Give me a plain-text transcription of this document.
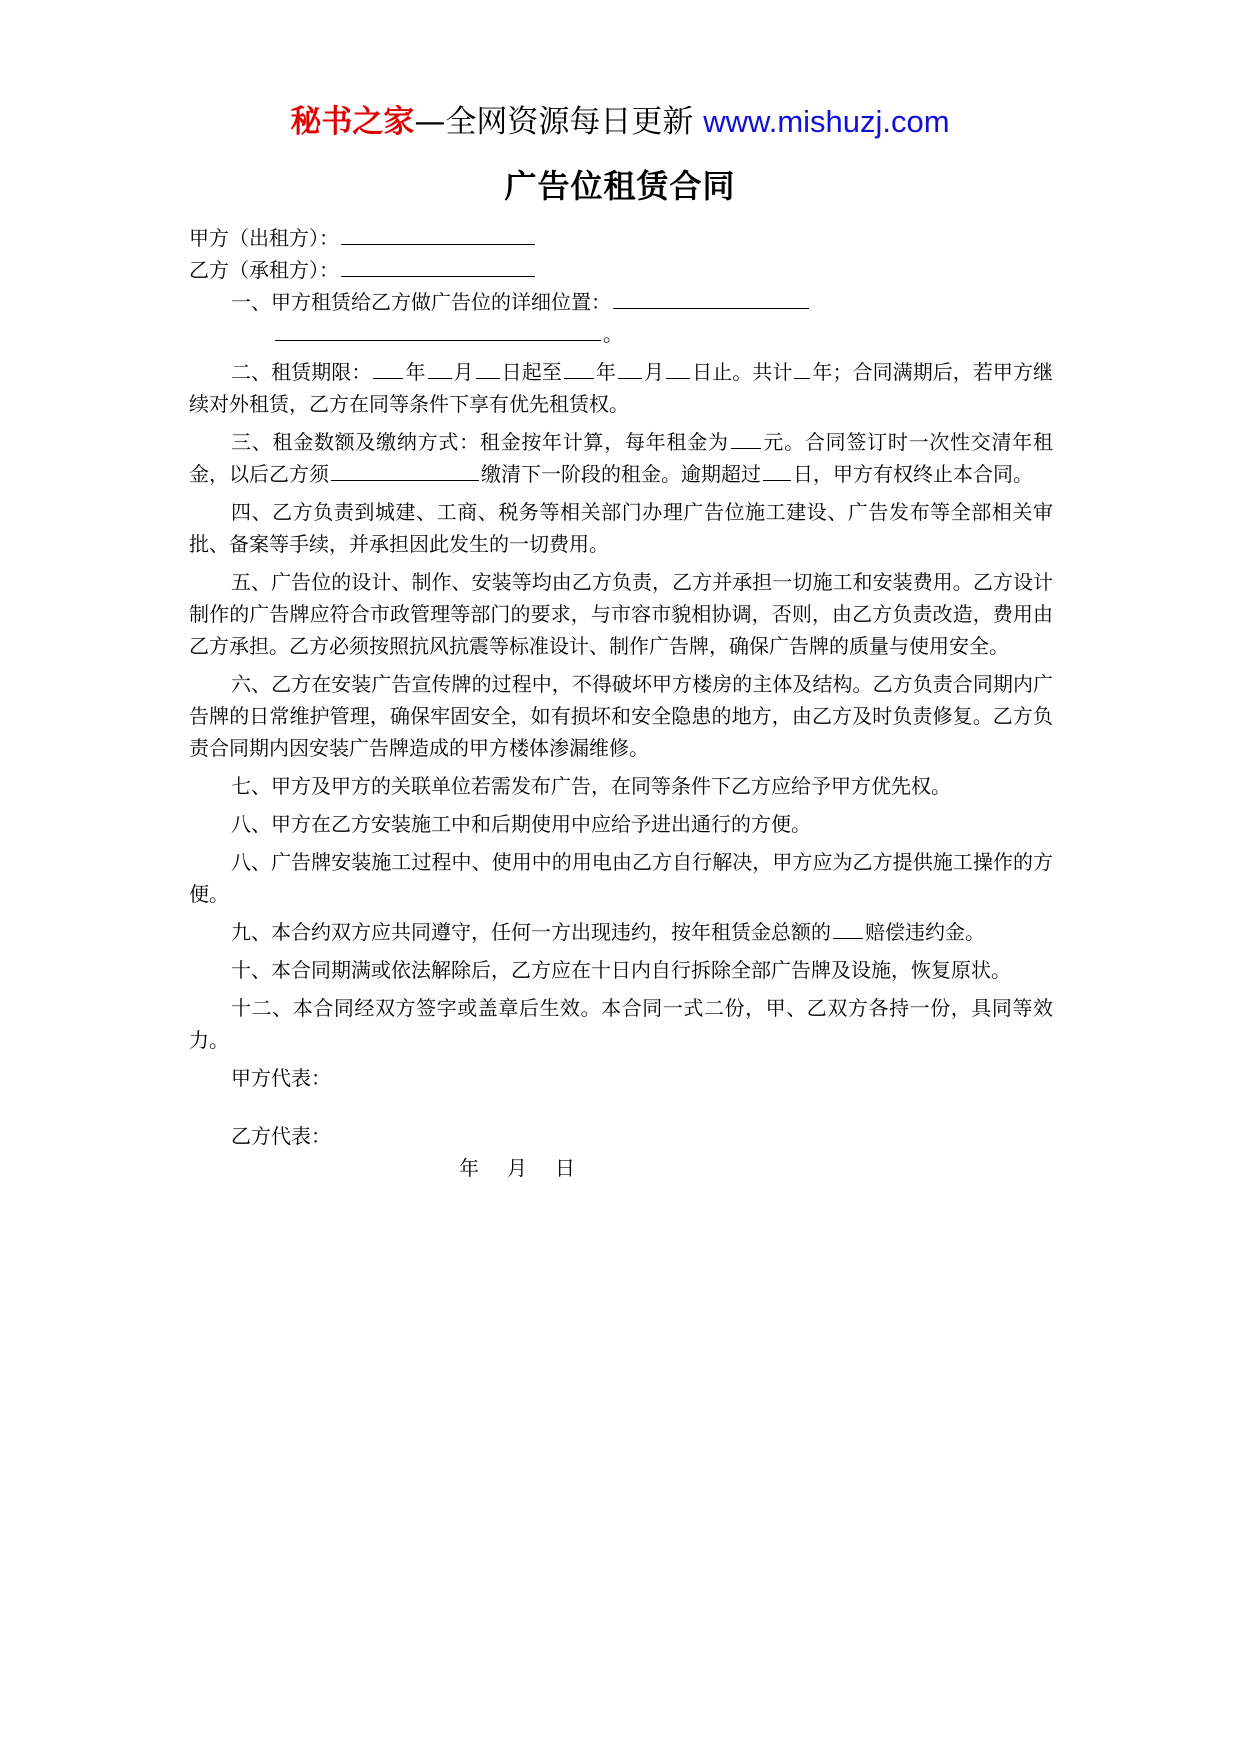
秘书之家—全网资源每日更新 www.mishuzj.com
广告位租赁合同
甲方（出租方）：
乙方（承租方）：
一、甲方租赁给乙方做广告位的详细位置：
。

二、租赁期限： 年 月 日起至 年 月 日止。共计 年；合同满期后，若甲方继续对外租赁，乙方在同等条件下享有优先租赁权。

三、租金数额及缴纳方式：租金按年计算，每年租金为 元。合同签订时一次性交清年租金，以后乙方须	缴清下一阶段的租金。逾期超过 日，甲方有权终止本合同。

四、乙方负责到城建、工商、税务等相关部门办理广告位施工建设、广告发布等全部相关审批、备案等手续，并承担因此发生的一切费用。

五、广告位的设计、制作、安装等均由乙方负责，乙方并承担一切施工和安装费用。乙方设计制作的广告牌应符合市政管理等部门的要求，与市容市貌相协调，否则，由乙方负责改造，费用由乙方承担。乙方必须按照抗风抗震等标准设计、制作广告牌，确保广告牌的质量与使用安全。

六、乙方在安装广告宣传牌的过程中，不得破坏甲方楼房的主体及结构。乙方负责合同期内广告牌的日常维护管理，确保牢固安全，如有损坏和安全隐患的地方，由乙方及时负责修复。乙方负责合同期内因安装广告牌造成的甲方楼体渗漏维修。

七、甲方及甲方的关联单位若需发布广告，在同等条件下乙方应给予甲方优先权。

八、甲方在乙方安装施工中和后期使用中应给予进出通行的方便。

八、广告牌安装施工过程中、使用中的用电由乙方自行解决，甲方应为乙方提供施工操作的方便。

九、本合约双方应共同遵守，任何一方出现违约，按年租赁金总额的 赔偿违约金。

十、本合同期满或依法解除后，乙方应在十日内自行拆除全部广告牌及设施，恢复原状。

十二、本合同经双方签字或盖章后生效。本合同一式二份，甲、乙双方各持一份，具同等效力。

甲方代表：
乙方代表：
年 月 日
